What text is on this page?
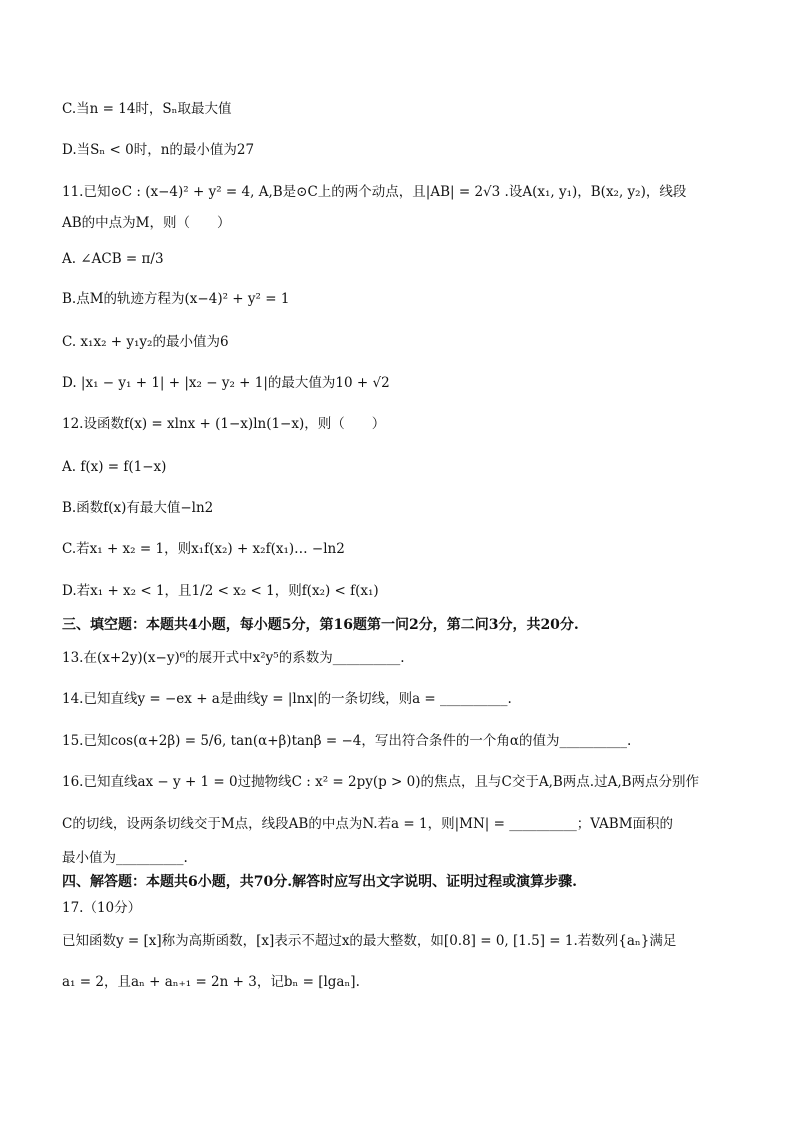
C.当n = 14时，Sₙ取最大值
D.当Sₙ < 0时，n的最小值为27
11.已知⊙C : (x−4)² + y² = 4, A,B是⊙C上的两个动点，且|AB| = 2√3 .设A(x₁, y₁)，B(x₂, y₂)，线段
AB的中点为M，则（　　）
A. ∠ACB = π/3
B.点M的轨迹方程为(x−4)² + y² = 1
C. x₁x₂ + y₁y₂的最小值为6
D. |x₁ − y₁ + 1| + |x₂ − y₂ + 1|的最大值为10 + √2
12.设函数f(x) = xlnx + (1−x)ln(1−x)，则（　　）
A. f(x) = f(1−x)
B.函数f(x)有最大值−ln2
C.若x₁ + x₂ = 1，则x₁f(x₂) + x₂f(x₁)… −ln2
D.若x₁ + x₂ < 1，且1/2 < x₂ < 1，则f(x₂) < f(x₁)
三、填空题：本题共4小题，每小题5分，第16题第一问2分，第二问3分，共20分.
13.在(x+2y)(x−y)⁶的展开式中x²y⁵的系数为__________.
14.已知直线y = −ex + a是曲线y = |lnx|的一条切线，则a = __________.
15.已知cos(α+2β) = 5/6, tan(α+β)tanβ = −4，写出符合条件的一个角α的值为__________.
16.已知直线ax − y + 1 = 0过抛物线C : x² = 2py(p > 0)的焦点，且与C交于A,B两点.过A,B两点分别作
C的切线，设两条切线交于M点，线段AB的中点为N.若a = 1，则|MN| = __________；VABM面积的
最小值为__________.
四、解答题：本题共6小题，共70分.解答时应写出文字说明、证明过程或演算步骤.
17.（10分）
已知函数y = [x]称为高斯函数，[x]表示不超过x的最大整数，如[0.8] = 0, [1.5] = 1.若数列{aₙ}满足
a₁ = 2，且aₙ + aₙ₊₁ = 2n + 3，记bₙ = [lgaₙ].
